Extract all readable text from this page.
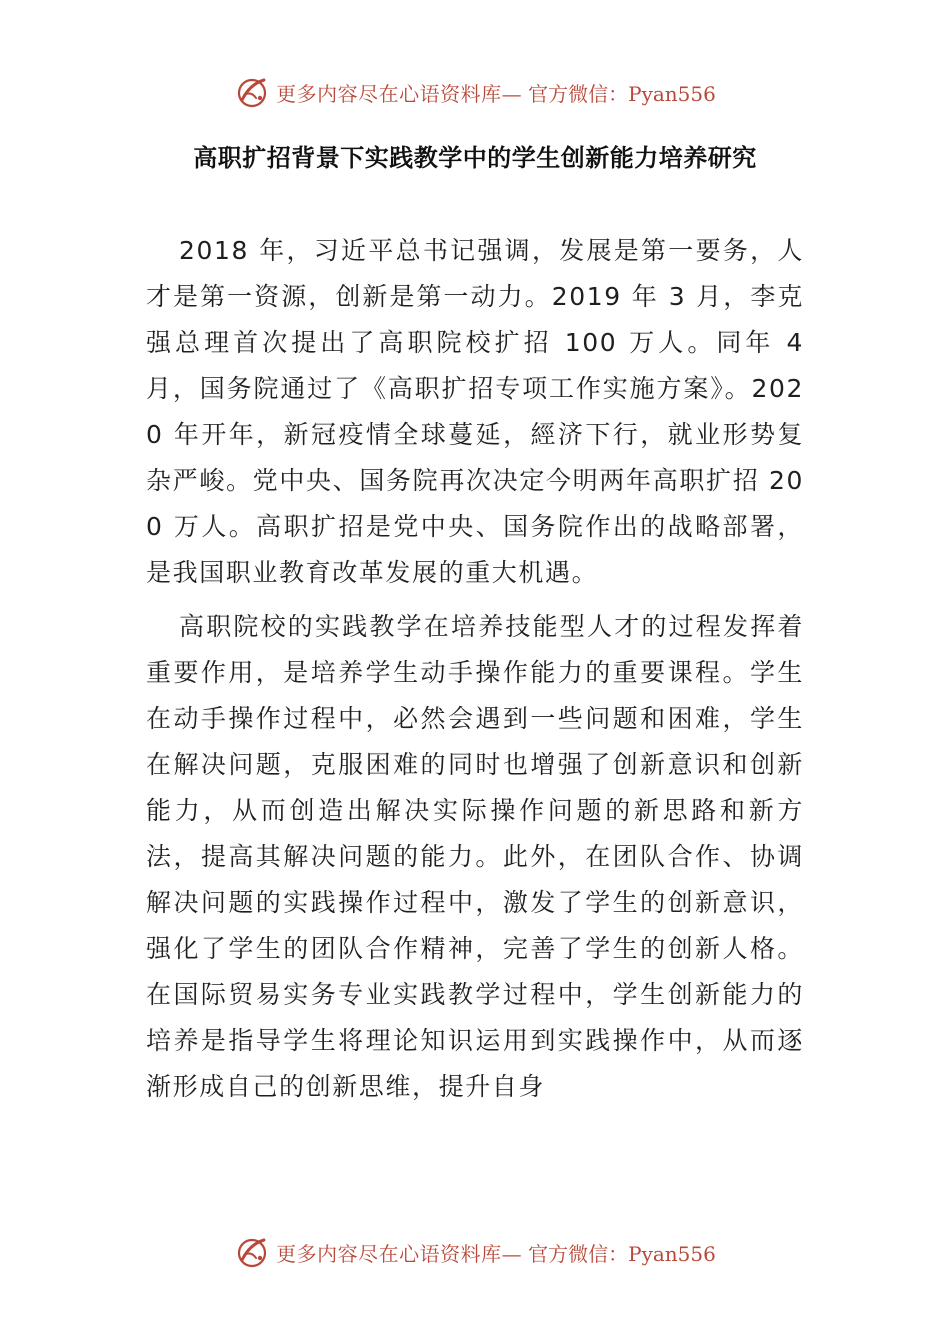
更多内容尽在心语资料库— 官方微信：Pyan556
高职扩招背景下实践教学中的学生创新能力培养研究

2018 年，习近平总书记强调，发展是第一要务，人才是第一资源，创新是第一动力。2019 年 3 月，李克强总理首次提出了高职院校扩招 100 万人。同年 4 月，国务院通过了《高职扩招专项工作实施方案》。2020 年开年，新冠疫情全球蔓延，經济下行，就业形势复杂严峻。党中央、国务院再次决定今明两年高职扩招 200 万人。高职扩招是党中央、国务院作出的战略部署，是我国职业教育改革发展的重大机遇。

高职院校的实践教学在培养技能型人才的过程发挥着重要作用，是培养学生动手操作能力的重要课程。学生在动手操作过程中，必然会遇到一些问题和困难，学生在解决问题，克服困难的同时也增强了创新意识和创新能力，从而创造出解决实际操作问题的新思路和新方法，提高其解决问题的能力。此外，在团队合作、协调解决问题的实践操作过程中，激发了学生的创新意识，强化了学生的团队合作精神，完善了学生的创新人格。在国际贸易实务专业实践教学过程中，学生创新能力的培养是指导学生将理论知识运用到实践操作中，从而逐渐形成自己的创新思维，提升自身

更多内容尽在心语资料库— 官方微信：Pyan556
